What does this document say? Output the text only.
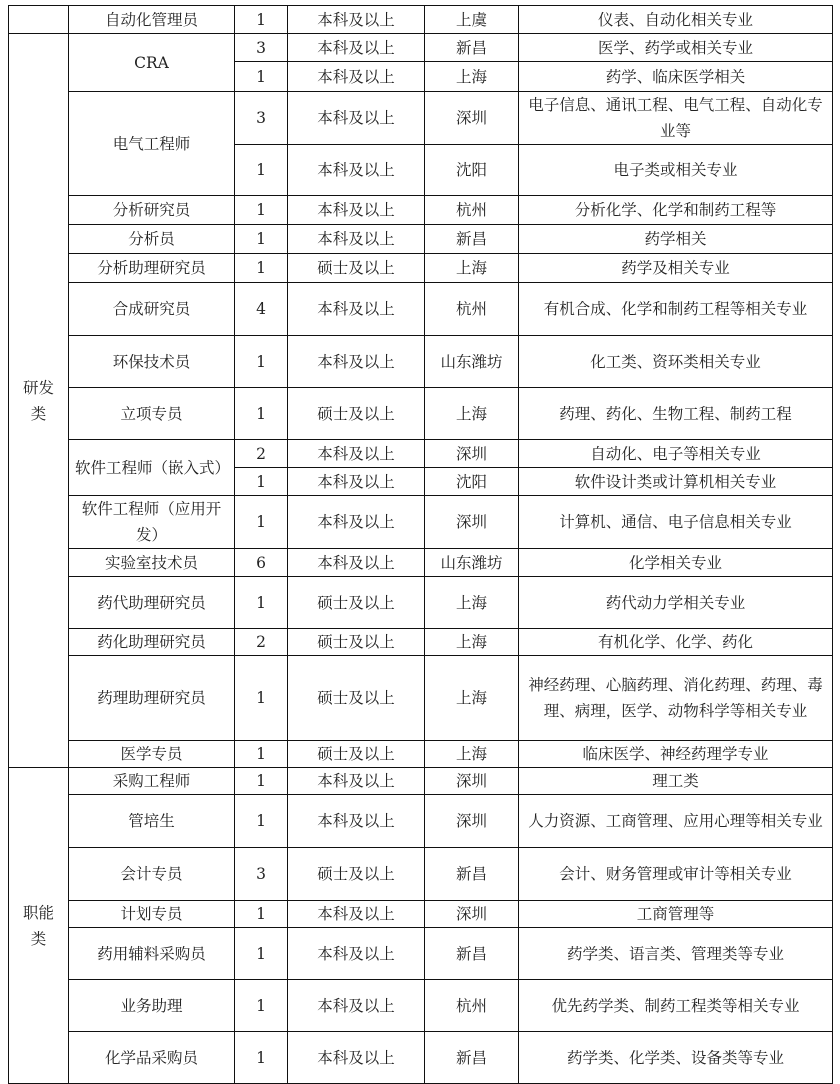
	自动化管理员	1	本科及以上	上虞	仪表、自动化相关专业
研发类	CRA	3	本科及以上	新昌	医学、药学或相关专业
		1	本科及以上	上海	药学、临床医学相关
	电气工程师	3	本科及以上	深圳	电子信息、通讯工程、电气工程、自动化专业等
		1	本科及以上	沈阳	电子类或相关专业
	分析研究员	1	本科及以上	杭州	分析化学、化学和制药工程等
	分析员	1	本科及以上	新昌	药学相关
	分析助理研究员	1	硕士及以上	上海	药学及相关专业
	合成研究员	4	本科及以上	杭州	有机合成、化学和制药工程等相关专业
	环保技术员	1	本科及以上	山东潍坊	化工类、资环类相关专业
	立项专员	1	硕士及以上	上海	药理、药化、生物工程、制药工程
	软件工程师（嵌入式）	2	本科及以上	深圳	自动化、电子等相关专业
		1	本科及以上	沈阳	软件设计类或计算机相关专业
	软件工程师（应用开发）	1	本科及以上	深圳	计算机、通信、电子信息相关专业
	实验室技术员	6	本科及以上	山东潍坊	化学相关专业
	药代助理研究员	1	硕士及以上	上海	药代动力学相关专业
	药化助理研究员	2	硕士及以上	上海	有机化学、化学、药化
	药理助理研究员	1	硕士及以上	上海	神经药理、心脑药理、消化药理、药理、毒理、病理，医学、动物科学等相关专业
	医学专员	1	硕士及以上	上海	临床医学、神经药理学专业
职能类	采购工程师	1	本科及以上	深圳	理工类
	管培生	1	本科及以上	深圳	人力资源、工商管理、应用心理等相关专业
	会计专员	3	硕士及以上	新昌	会计、财务管理或审计等相关专业
	计划专员	1	本科及以上	深圳	工商管理等
	药用辅料采购员	1	本科及以上	新昌	药学类、语言类、管理类等专业
	业务助理	1	本科及以上	杭州	优先药学类、制药工程类等相关专业
	化学品采购员	1	本科及以上	新昌	药学类、化学类、设备类等专业
